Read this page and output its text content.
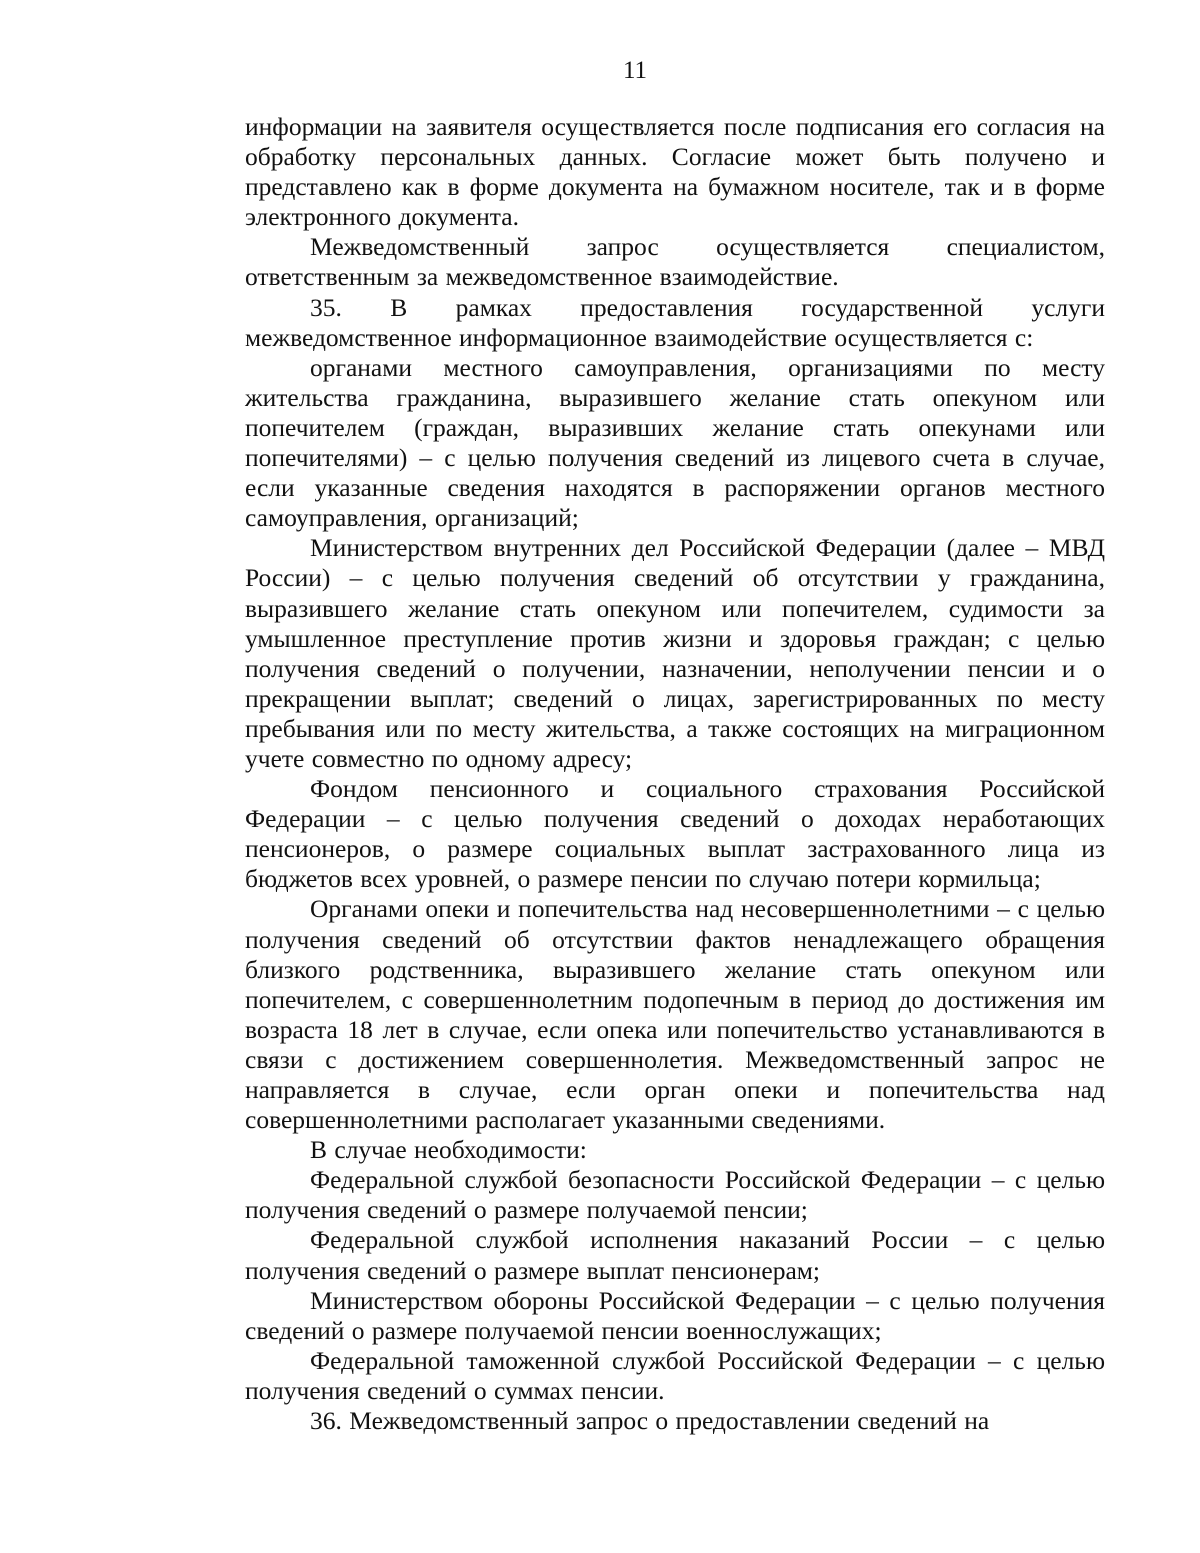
11

информации на заявителя осуществляется после подписания его согласия на обработку персональных данных. Согласие может быть получено и представлено как в форме документа на бумажном носителе, так и в форме электронного документа.

Межведомственный запрос осуществляется специалистом, ответственным за межведомственное взаимодействие.

35. В рамках предоставления государственной услуги межведомственное информационное взаимодействие осуществляется с:

органами местного самоуправления, организациями по месту жительства гражданина, выразившего желание стать опекуном или попечителем (граждан, выразивших желание стать опекунами или попечителями) – с целью получения сведений из лицевого счета в случае, если указанные сведения находятся в распоряжении органов местного самоуправления, организаций;

Министерством внутренних дел Российской Федерации (далее – МВД России) – с целью получения сведений об отсутствии у гражданина, выразившего желание стать опекуном или попечителем, судимости за умышленное преступление против жизни и здоровья граждан; с целью получения сведений о получении, назначении, неполучении пенсии и о прекращении выплат; сведений о лицах, зарегистрированных по месту пребывания или по месту жительства, а также состоящих на миграционном учете совместно по одному адресу;

Фондом пенсионного и социального страхования Российской Федерации – с целью получения сведений о доходах неработающих пенсионеров, о размере социальных выплат застрахованного лица из бюджетов всех уровней, о размере пенсии по случаю потери кормильца;

Органами опеки и попечительства над несовершеннолетними – с целью получения сведений об отсутствии фактов ненадлежащего обращения близкого родственника, выразившего желание стать опекуном или попечителем, с совершеннолетним подопечным в период до достижения им возраста 18 лет в случае, если опека или попечительство устанавливаются в связи с достижением совершеннолетия. Межведомственный запрос не направляется в случае, если орган опеки и попечительства над совершеннолетними располагает указанными сведениями.

В случае необходимости:

Федеральной службой безопасности Российской Федерации – с целью получения сведений о размере получаемой пенсии;

Федеральной службой исполнения наказаний России – с целью получения сведений о размере выплат пенсионерам;

Министерством обороны Российской Федерации – с целью получения сведений о размере получаемой пенсии военнослужащих;

Федеральной таможенной службой Российской Федерации – с целью получения сведений о суммах пенсии.

36. Межведомственный запрос о предоставлении сведений на
